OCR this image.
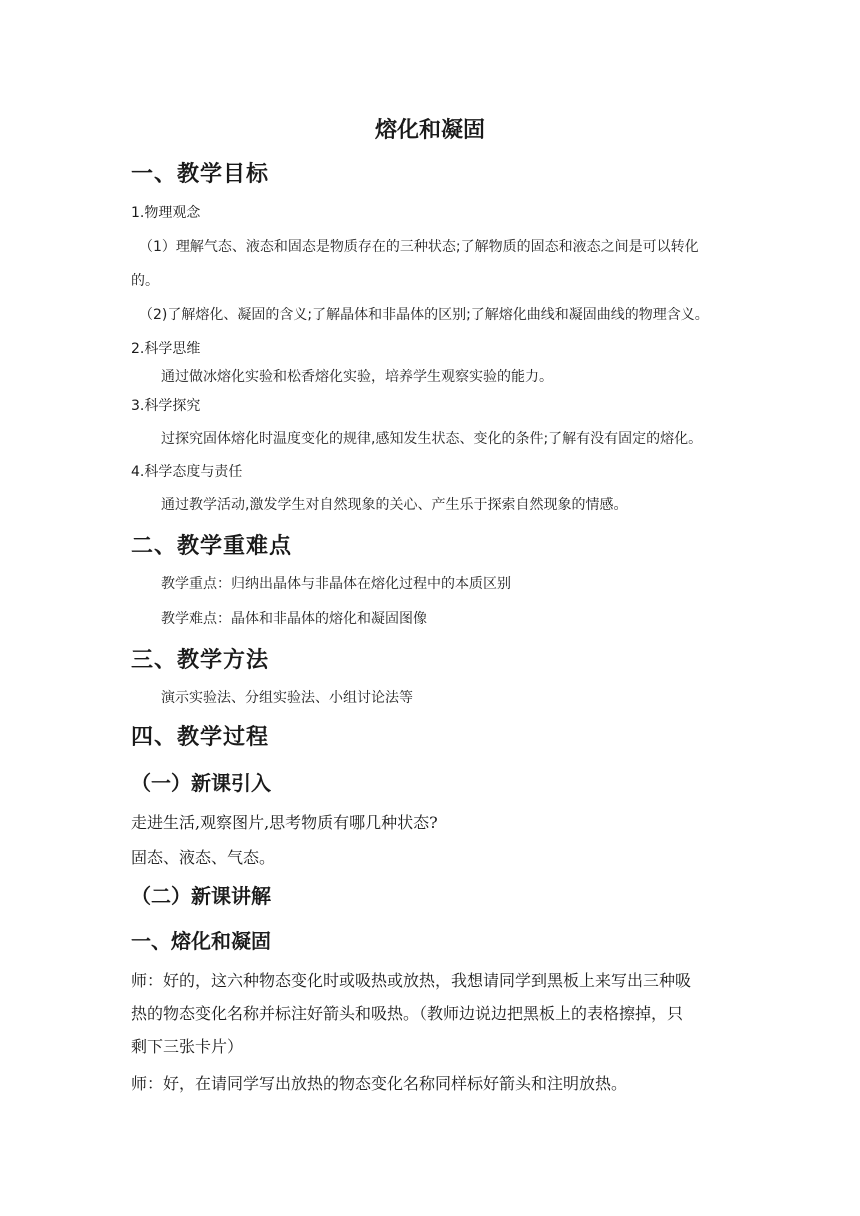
熔化和凝固
一、教学目标
1.物理观念
（1）理解气态、液态和固态是物质存在的三种状态;了解物质的固态和液态之间是可以转化
的。
（2)了解熔化、凝固的含义;了解晶体和非晶体的区别;了解熔化曲线和凝固曲线的物理含义。
2.科学思维
通过做冰熔化实验和松香熔化实验，培养学生观察实验的能力。
3.科学探究
过探究固体熔化时温度变化的规律,感知发生状态、变化的条件;了解有没有固定的熔化。
4.科学态度与责任
通过教学活动,激发学生对自然现象的关心、产生乐于探索自然现象的情感。
二、教学重难点
教学重点：归纳出晶体与非晶体在熔化过程中的本质区别
教学难点：晶体和非晶体的熔化和凝固图像
三、教学方法
演示实验法、分组实验法、小组讨论法等
四、教学过程
（一）新课引入
走进生活,观察图片,思考物质有哪几种状态?
固态、液态、气态。
（二）新课讲解
一、熔化和凝固
师：好的，这六种物态变化时或吸热或放热，我想请同学到黑板上来写出三种吸
热的物态变化名称并标注好箭头和吸热。（教师边说边把黑板上的表格擦掉，只
剩下三张卡片）
师：好，在请同学写出放热的物态变化名称同样标好箭头和注明放热。
